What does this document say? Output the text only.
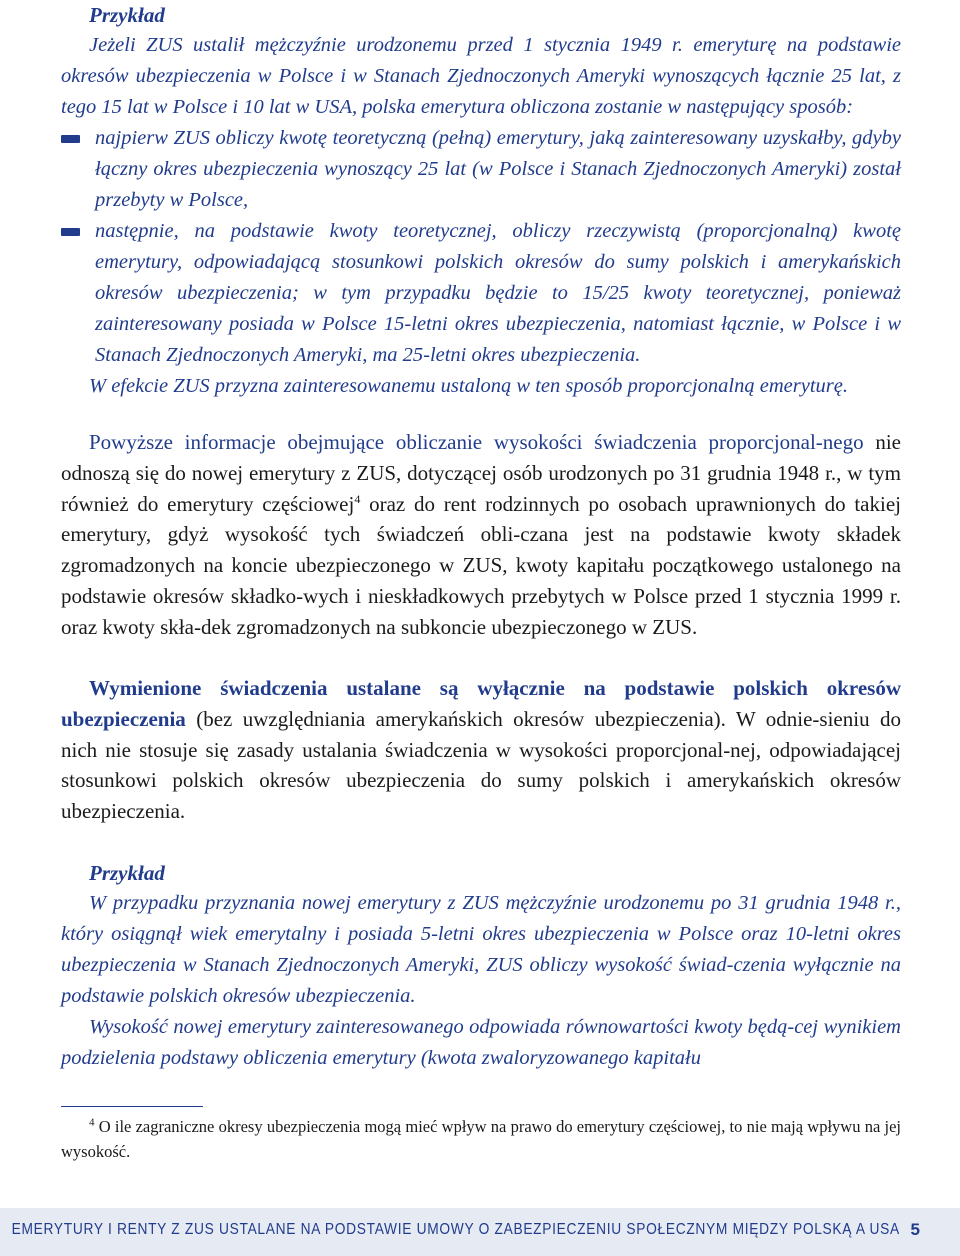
Przykład

Jeżeli ZUS ustalił mężczyźnie urodzonemu przed 1 stycznia 1949 r. emeryturę na podstawie okresów ubezpieczenia w Polsce i w Stanach Zjednoczonych Ameryki wynoszących łącznie 25 lat, z tego 15 lat w Polsce i 10 lat w USA, polska emerytura obliczona zostanie w następujący sposób:

najpierw ZUS obliczy kwotę teoretyczną (pełną) emerytury, jaką zainteresowany uzyskałby, gdyby łączny okres ubezpieczenia wynoszący 25 lat (w Polsce i Stanach Zjednoczonych Ameryki) został przebyty w Polsce,
następnie, na podstawie kwoty teoretycznej, obliczy rzeczywistą (proporcjonalną) kwotę emerytury, odpowiadającą stosunkowi polskich okresów do sumy polskich i amerykańskich okresów ubezpieczenia; w tym przypadku będzie to 15/25 kwoty teoretycznej, ponieważ zainteresowany posiada w Polsce 15-letni okres ubezpieczenia, natomiast łącznie, w Polsce i w Stanach Zjednoczonych Ameryki, ma 25-letni okres ubezpieczenia.

W efekcie ZUS przyzna zainteresowanemu ustaloną w ten sposób proporcjonalną emeryturę.

Powyższe informacje obejmujące obliczanie wysokości świadczenia proporcjonal-nego nie odnoszą się do nowej emerytury z ZUS, dotyczącej osób urodzonych po 31 grudnia 1948 r., w tym również do emerytury częściowej$^4$ oraz do rent rodzinnych po osobach uprawnionych do takiej emerytury, gdyż wysokość tych świadczeń obli-czana jest na podstawie kwoty składek zgromadzonych na koncie ubezpieczonego w ZUS, kwoty kapitału początkowego ustalonego na podstawie okresów składko-wych i nieskładkowych przebytych w Polsce przed 1 stycznia 1999 r. oraz kwoty skła-dek zgromadzonych na subkoncie ubezpieczonego w ZUS.

Wymienione świadczenia ustalane są wyłącznie na podstawie polskich okresów ubezpieczenia (bez uwzględniania amerykańskich okresów ubezpieczenia). W odnie-sieniu do nich nie stosuje się zasady ustalania świadczenia w wysokości proporcjonal-nej, odpowiadającej stosunkowi polskich okresów ubezpieczenia do sumy polskich i amerykańskich okresów ubezpieczenia.

Przykład

W przypadku przyznania nowej emerytury z ZUS mężczyźnie urodzonemu po 31 grudnia 1948 r., który osiągnął wiek emerytalny i posiada 5-letni okres ubezpieczenia w Polsce oraz 10-letni okres ubezpieczenia w Stanach Zjednoczonych Ameryki, ZUS obliczy wysokość świad-czenia wyłącznie na podstawie polskich okresów ubezpieczenia.

Wysokość nowej emerytury zainteresowanego odpowiada równowartości kwoty będą-cej wynikiem podzielenia podstawy obliczenia emerytury (kwota zwaloryzowanego kapitału

$^4$ O ile zagraniczne okresy ubezpieczenia mogą mieć wpływ na prawo do emerytury częściowej, to nie mają wpływu na jej wysokość.
EMERYTURY I RENTY Z ZUS USTALANE NA PODSTAWIE UMOWY O ZABEZPIECZENIU SPOŁECZNYM MIĘDZY POLSKĄ A USA 5
